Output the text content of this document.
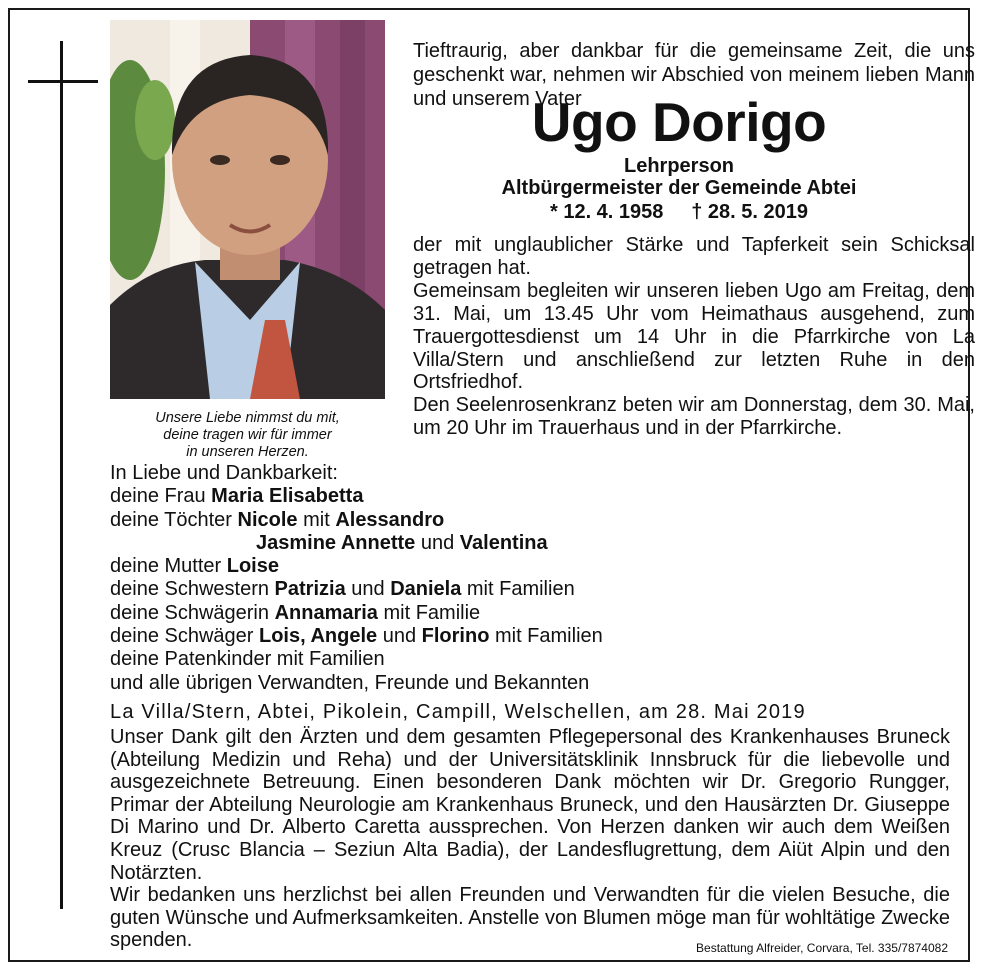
Unsere Liebe nimmst du mit,
deine tragen wir für immer
in unseren Herzen.

Tieftraurig, aber dankbar für die gemeinsame Zeit, die uns geschenkt war, nehmen wir Abschied von meinem lieben Mann und unserem Vater

Ugo Dorigo
Lehrperson
Altbürgermeister der Gemeinde Abtei
* 12. 4. 1958 † 28. 5. 2019

der mit unglaublicher Stärke und Tapferkeit sein Schicksal getragen hat.

Gemeinsam begleiten wir unseren lieben Ugo am Freitag, dem 31. Mai, um 13.45 Uhr vom Heimathaus ausgehend, zum Trauergottesdienst um 14 Uhr in die Pfarrkirche von La Villa/Stern und anschließend zur letzten Ruhe in den Ortsfriedhof.

Den Seelenrosenkranz beten wir am Donnerstag, dem 30. Mai, um 20 Uhr im Trauerhaus und in der Pfarrkirche.

In Liebe und Dankbarkeit:
deine Frau Maria Elisabetta
deine Töchter Nicole mit Alessandro
Jasmine Annette und Valentina
deine Mutter Loise
deine Schwestern Patrizia und Daniela mit Familien
deine Schwägerin Annamaria mit Familie
deine Schwäger Lois, Angele und Florino mit Familien
deine Patenkinder mit Familien
und alle übrigen Verwandten, Freunde und Bekannten
La Villa/Stern, Abtei, Pikolein, Campill, Welschellen, am 28. Mai 2019

Unser Dank gilt den Ärzten und dem gesamten Pflegepersonal des Krankenhauses Bruneck (Abteilung Medizin und Reha) und der Universitätsklinik Innsbruck für die liebevolle und ausgezeichnete Betreuung. Einen besonderen Dank möchten wir Dr. Gregorio Rungger, Primar der Abteilung Neurologie am Krankenhaus Bruneck, und den Hausärzten Dr. Giuseppe Di Marino und Dr. Alberto Caretta aussprechen. Von Herzen danken wir auch dem Weißen Kreuz (Crusc Blancia – Seziun Alta Badia), der Landesflugrettung, dem Aiüt Alpin und den Notärzten.

Wir bedanken uns herzlichst bei allen Freunden und Verwandten für die vielen Besuche, die guten Wünsche und Aufmerksamkeiten. Anstelle von Blumen möge man für wohltätige Zwecke spenden.	Bestattung Alfreider, Corvara, Tel. 335/7874082
